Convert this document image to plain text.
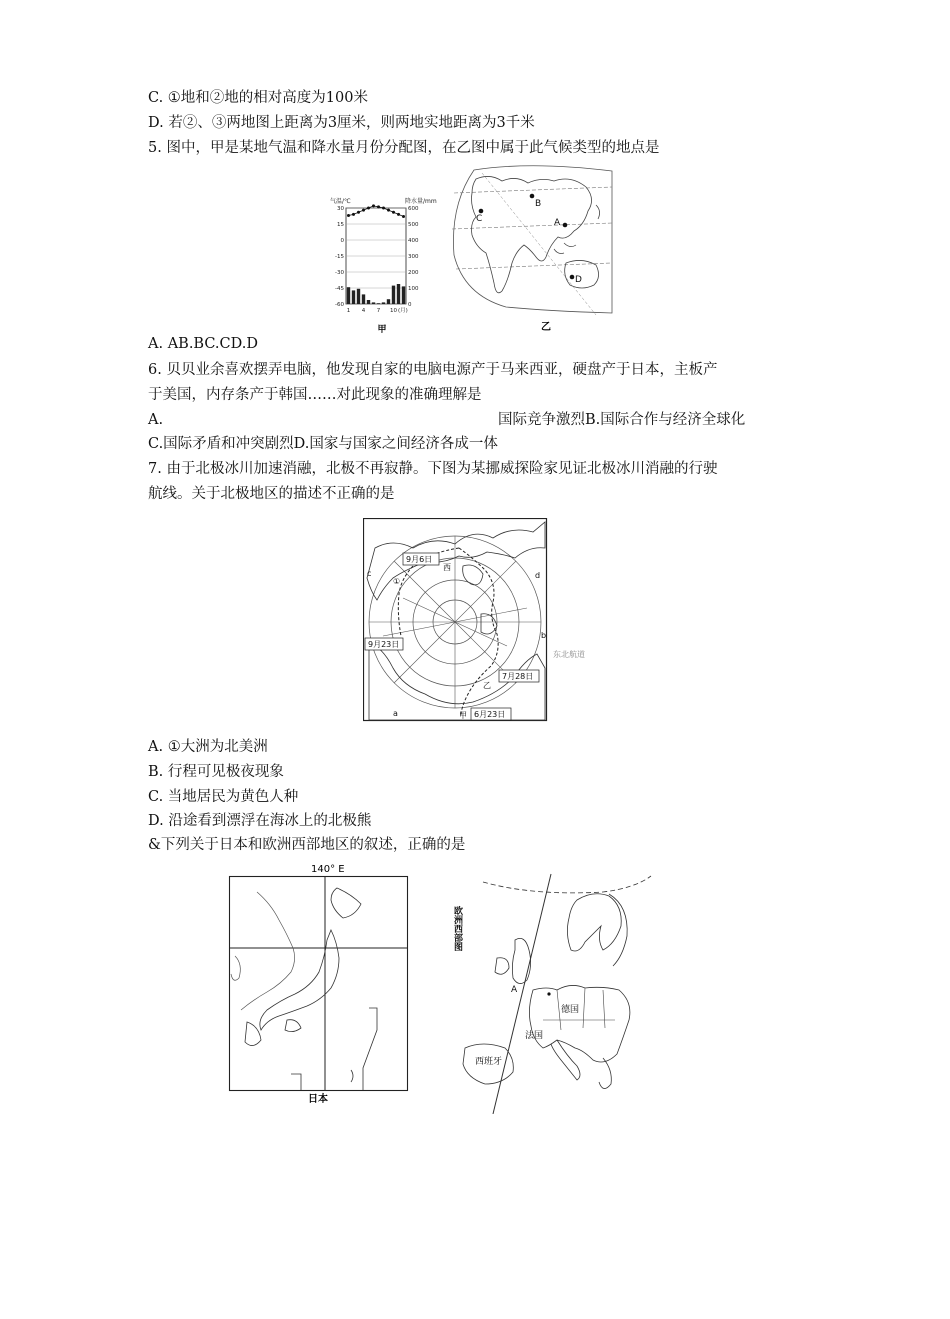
C. ①地和②地的相对高度为100米
D. 若②、③两地图上距离为3厘米，则两地实地距离为3千米
5. 图中，甲是某地气温和降水量月份分配图，在乙图中属于此气候类型的地点是
气温/℃	降水量/mm
30	600
15	500
0	400
-15	300
-30	200
-45	100
-60	0
1 4 7 10 (月)
甲
B
C	A
D
乙
A. AB.BC.CD.D
6. 贝贝业余喜欢摆弄电脑，他发现自家的电脑电源产于马来西亚，硬盘产于日本，主板产
于美国，内存条产于韩国……对此现象的准确理解是
A.	国际竞争激烈B.国际合作与经济全球化
C.国际矛盾和冲突剧烈D.国家与国家之间经济各成一体
7. 由于北极冰川加速消融，北极不再寂静。下图为某挪威探险家见证北极冰川消融的行驶
航线。关于北极地区的描述不正确的是
9月6日
9月23日
7月28日
6月23日
c	d
b
a
西
乙
甲
①
东北航道
A. ①大洲为北美洲
B. 行程可见极夜现象
C. 当地居民为黄色人种
D. 沿途看到漂浮在海冰上的北极熊
&下列关于日本和欧洲西部地区的叙述，正确的是
140° E
日本
欧洲西部图
A
德国
法国
西班牙
